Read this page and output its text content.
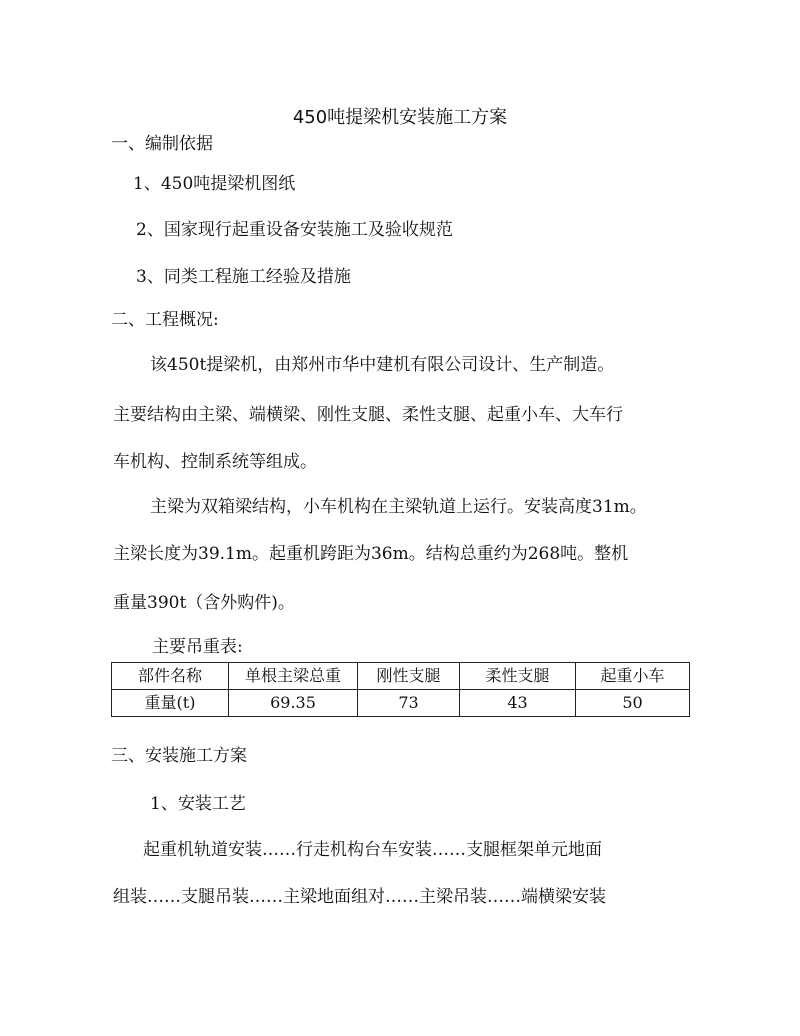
450吨提梁机安装施工方案
一、编制依据
1、450吨提梁机图纸
2、国家现行起重设备安装施工及验收规范
3、同类工程施工经验及措施
二、工程概况:
该450t提梁机，由郑州市华中建机有限公司设计、生产制造。
主要结构由主梁、端横梁、刚性支腿、柔性支腿、起重小车、大车行
车机构、控制系统等组成。
主梁为双箱梁结构，小车机构在主梁轨道上运行。安装高度31m。
主梁长度为39.1m。起重机跨距为36m。结构总重约为268吨。整机
重量390t（含外购件)。
主要吊重表:
部件名称	单根主梁总重	刚性支腿	柔性支腿	起重小车
重量(t)	69.35	73	43	50
三、安装施工方案
1、安装工艺
起重机轨道安装……行走机构台车安装……支腿框架单元地面
组装……支腿吊装……主梁地面组对……主梁吊装……端横梁安装
